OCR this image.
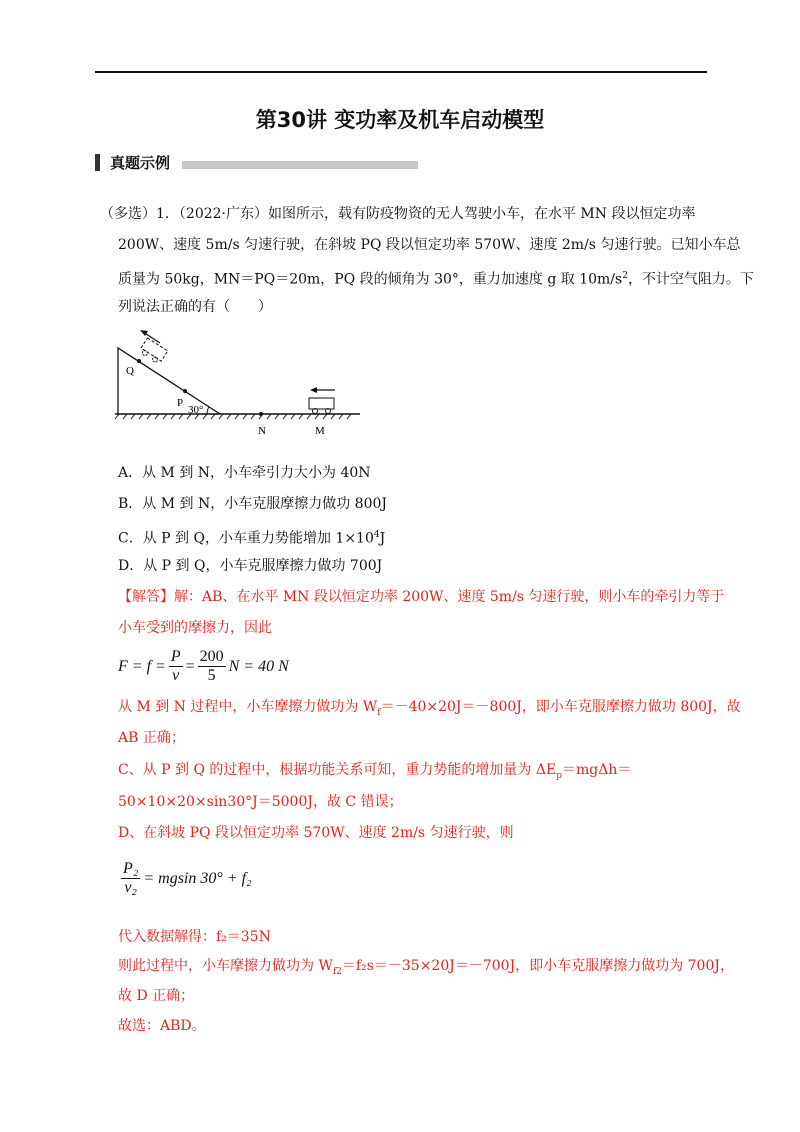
第30讲 变功率及机车启动模型
真题示例
（多选）1．（2022·广东）如图所示，载有防疫物资的无人驾驶小车，在水平 MN 段以恒定功率
200W、速度 5m/s 匀速行驶，在斜坡 PQ 段以恒定功率 570W、速度 2m/s 匀速行驶。已知小车总
质量为 50kg，MN＝PQ＝20m，PQ 段的倾角为 30°，重力加速度 g 取 $10m/s^2$，不计空气阻力。下
列说法正确的有（　　）
Q
P
30°
N	M
A．从 M 到 N，小车牵引力大小为 40N
B．从 M 到 N，小车克服摩擦力做功 800J
C．从 P 到 Q，小车重力势能增加 $1\times 10^4J$
D．从 P 到 Q，小车克服摩擦力做功 700J
【解答】解：AB、在水平 MN 段以恒定功率 200W、速度 5m/s 匀速行驶，则小车的牵引力等于
小车受到的摩擦力，因此
$F = f = \frac{P}{v} = \frac{200}{5}$ N = 40 N
从 M 到 N 过程中，小车摩擦力做功为 $W_f=-40\times 20J=-800J$，即小车克服摩擦力做功 800J，故
AB 正确；
C、从 P 到 Q 的过程中，根据功能关系可知，重力势能的增加量为 $\Delta E_p=mg\Delta h=$
50×10×20×sin30°J＝5000J，故 C 错误；
D、在斜坡 PQ 段以恒定功率 570W、速度 2m/s 匀速行驶，则
$\frac{\text{P₂}}{\text{v₂}} = mgsin$ 30° + f₂
代入数据解得：f₂＝35N
则此过程中，小车摩擦力做功为 $W_{f2}=f_2s=-35\times 20J=-700J$，即小车克服摩擦力做功为 700J，
故 D 正确；
故选：ABD。
